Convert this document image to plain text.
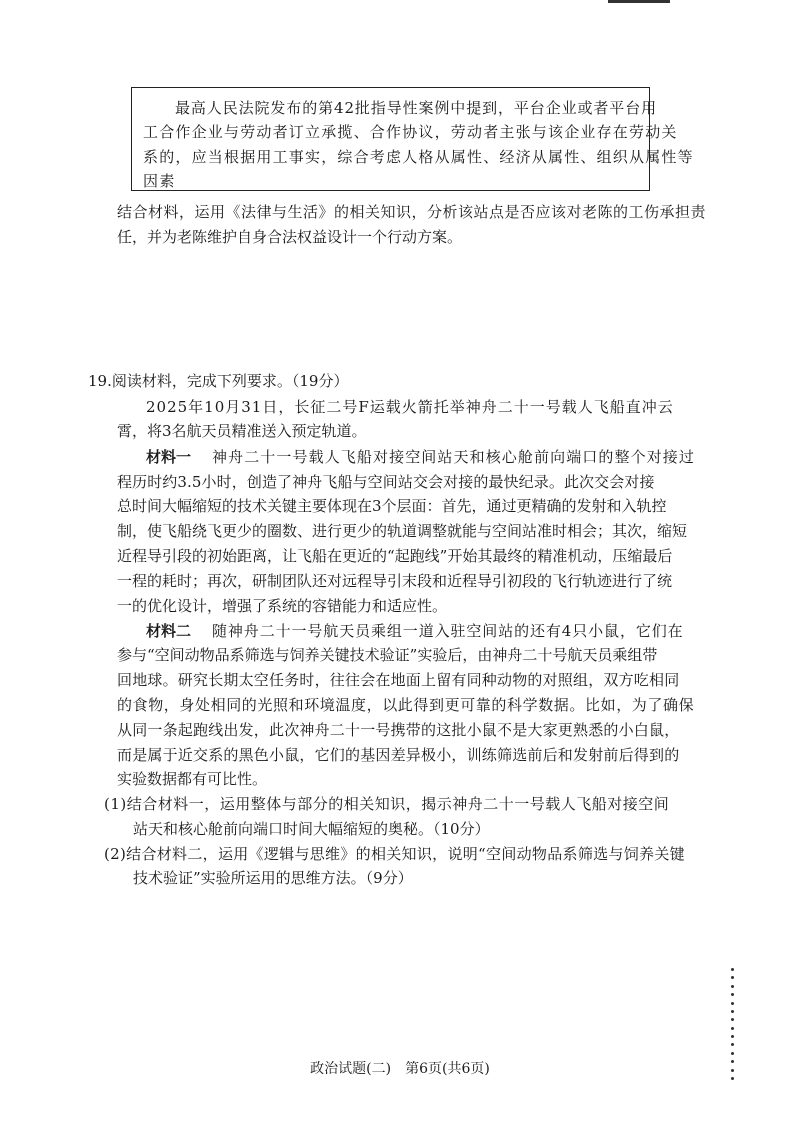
最高人民法院发布的第42批指导性案例中提到，平台企业或者平台用
工合作企业与劳动者订立承揽、合作协议，劳动者主张与该企业存在劳动关
系的，应当根据用工事实，综合考虑人格从属性、经济从属性、组织从属性等
因素
结合材料，运用《法律与生活》的相关知识，分析该站点是否应该对老陈的工伤承担责
任，并为老陈维护自身合法权益设计一个行动方案。
19.阅读材料，完成下列要求。（19分）
2025年10月31日，长征二号F运载火箭托举神舟二十一号载人飞船直冲云
霄，将3名航天员精准送入预定轨道。
材料一 神舟二十一号载人飞船对接空间站天和核心舱前向端口的整个对接过
程历时约3.5小时，创造了神舟飞船与空间站交会对接的最快纪录。此次交会对接
总时间大幅缩短的技术关键主要体现在3个层面：首先，通过更精确的发射和入轨控
制，使飞船绕飞更少的圈数、进行更少的轨道调整就能与空间站准时相会；其次，缩短
近程导引段的初始距离，让飞船在更近的“起跑线”开始其最终的精准机动，压缩最后
一程的耗时；再次，研制团队还对远程导引末段和近程导引初段的飞行轨迹进行了统
一的优化设计，增强了系统的容错能力和适应性。
材料二 随神舟二十一号航天员乘组一道入驻空间站的还有4只小鼠，它们在
参与“空间动物品系筛选与饲养关键技术验证”实验后，由神舟二十号航天员乘组带
回地球。研究长期太空任务时，往往会在地面上留有同种动物的对照组，双方吃相同
的食物，身处相同的光照和环境温度，以此得到更可靠的科学数据。比如，为了确保
从同一条起跑线出发，此次神舟二十一号携带的这批小鼠不是大家更熟悉的小白鼠，
而是属于近交系的黑色小鼠，它们的基因差异极小，训练筛选前后和发射前后得到的
实验数据都有可比性。
(1)结合材料一，运用整体与部分的相关知识，揭示神舟二十一号载人飞船对接空间
站天和核心舱前向端口时间大幅缩短的奥秘。（10分）
(2)结合材料二，运用《逻辑与思维》的相关知识，说明“空间动物品系筛选与饲养关键
技术验证”实验所运用的思维方法。（9分）
政治试题(二)　第6页(共6页)
